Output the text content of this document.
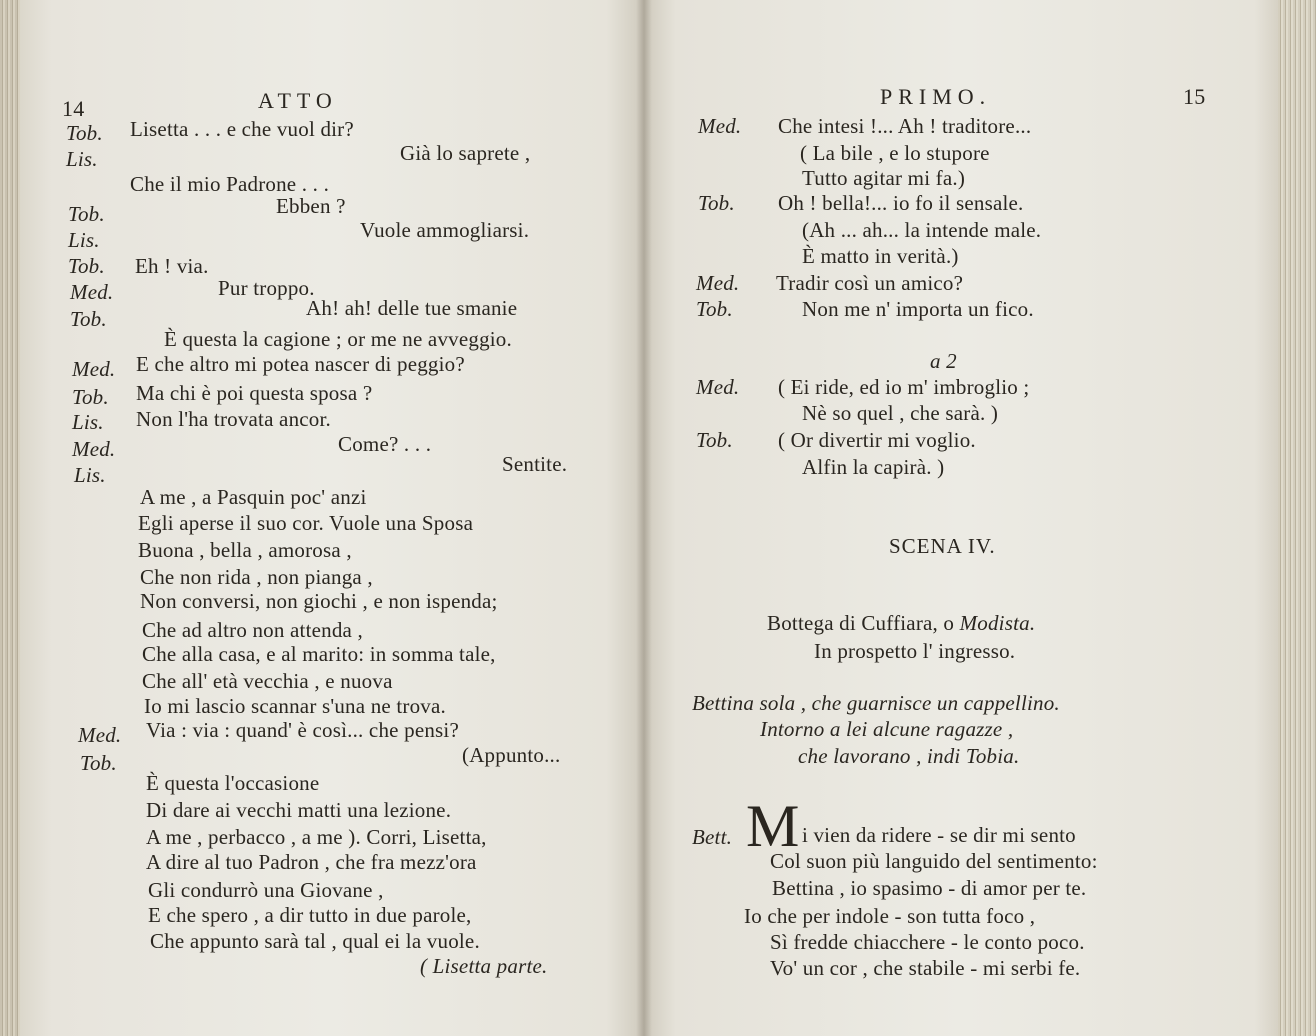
14	ATTO
Tob. Lisetta . . . e che vuol dir?
Lis.	Già lo saprete ,
Che il mio Padrone . . .
Tob.	Ebben ?
Lis.	Vuole ammogliarsi.
Tob. Eh ! via.
Med.	Pur troppo.
Tob.	Ah! ah! delle tue smanie
È questa la cagione ; or me ne avveggio.
Med. E che altro mi potea nascer di peggio?
Tob. Ma chi è poi questa sposa ?
Lis. Non l'ha trovata ancor.
Med.	Come? . . .
Lis.	Sentite.
A me , a Pasquin poc' anzi
Egli aperse il suo cor. Vuole una Sposa
Buona , bella , amorosa ,
Che non rida , non pianga ,
Non conversi, non giochi , e non ispenda;
Che ad altro non attenda ,
Che alla casa, e al marito: in somma tale,
Che all' età vecchia , e nuova
Io mi lascio scannar s'una ne trova.
Med. Via : via : quand' è così... che pensi?
Tob.	(Appunto...
È questa l'occasione
Di dare ai vecchi matti una lezione.
A me , perbacco , a me ). Corri, Lisetta,
A dire al tuo Padron , che fra mezz'ora
Gli condurrò una Giovane ,
E che spero , a dir tutto in due parole,
Che appunto sarà tal , qual ei la vuole.
( Lisetta parte.
PRIMO.	15
Med. Che intesi !... Ah ! traditore...
( La bile , e lo stupore
Tutto agitar mi fa.)
Tob. Oh ! bella!... io fo il sensale.
(Ah ... ah... la intende male.
È matto in verità.)
Med. Tradir così un amico?
Tob.	Non me n' importa un fico.
a 2
Med. ( Ei ride, ed io m' imbroglio ;
Nè so quel , che sarà. )
Tob. ( Or divertir mi voglio.
Alfin la capirà. )
SCENA IV.
Bottega di Cuffiara, o Modista.
In prospetto l' ingresso.
Bettina sola , che guarnisce un cappellino.
Intorno a lei alcune ragazze ,
che lavorano , indi Tobia.
Bett. M i vien da ridere - se dir mi sento
Col suon più languido del sentimento:
Bettina , io spasimo - di amor per te.
Io che per indole - son tutta foco ,
Sì fredde chiacchere - le conto poco.
Vo' un cor , che stabile - mi serbi fe.
